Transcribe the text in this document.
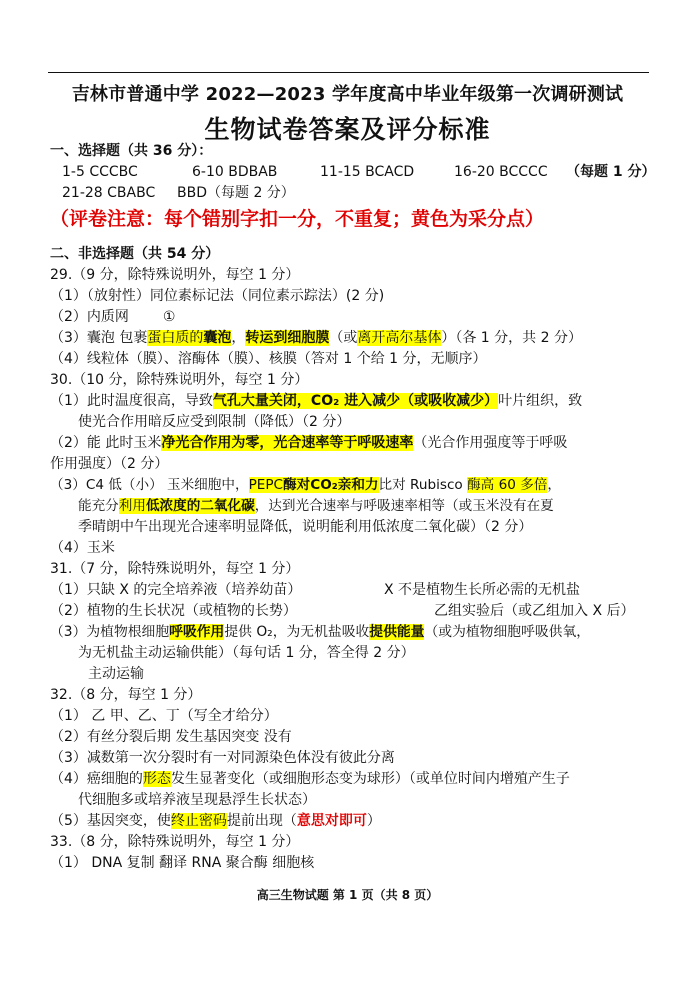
吉林市普通中学 2022—2023 学年度高中毕业年级第一次调研测试
生物试卷答案及评分标准
一、选择题（共 36 分）：
1-5 CCCBC	6-10 BDBAB	11-15 BCACD	16-20 BCCCC （每题 1 分）
21-28 CBABC BBD（每题 2 分）
（评卷注意：每个错别字扣一分，不重复；黄色为采分点）
二、非选择题（共 54 分）
29.（9 分，除特殊说明外，每空 1 分）
（1）（放射性）同位素标记法（同位素示踪法）(2 分)
（2）内质网 ①
（3）囊泡 包裹蛋白质的囊泡，转运到细胞膜（或离开高尔基体）（各 1 分，共 2 分）
（4）线粒体（膜）、溶酶体（膜）、核膜（答对 1 个给 1 分，无顺序）
30.（10 分，除特殊说明外，每空 1 分）
（1）此时温度很高，导致气孔大量关闭，CO₂ 进入减少（或吸收减少）叶片组织，致
使光合作用暗反应受到限制（降低）（2 分）
（2）能 此时玉米净光合作用为零，光合速率等于呼吸速率（光合作用强度等于呼吸
作用强度）（2 分）
（3）C4 低（小） 玉米细胞中，PEPC酶对CO₂亲和力比对 Rubisco 酶高 60 多倍，
能充分利用低浓度的二氧化碳，达到光合速率与呼吸速率相等（或玉米没有在夏
季晴朗中午出现光合速率明显降低，说明能利用低浓度二氧化碳）（2 分）
（4）玉米
31.（7 分，除特殊说明外，每空 1 分）
（1）只缺 X 的完全培养液（培养幼苗）	X 不是植物生长所必需的无机盐
（2）植物的生长状况（或植物的长势）	乙组实验后（或乙组加入 X 后）
（3）为植物根细胞呼吸作用提供 O₂，为无机盐吸收提供能量（或为植物细胞呼吸供氧，
为无机盐主动运输供能）（每句话 1 分，答全得 2 分）
主动运输
32.（8 分，每空 1 分）
（1） 乙 甲、乙、丁（写全才给分）
（2）有丝分裂后期 发生基因突变 没有
（3）减数第一次分裂时有一对同源染色体没有彼此分离
（4）癌细胞的形态发生显著变化（或细胞形态变为球形）（或单位时间内增殖产生子
代细胞多或培养液呈现悬浮生长状态）
（5）基因突变，使终止密码提前出现（意思对即可）
33.（8 分，除特殊说明外，每空 1 分）
（1） DNA 复制 翻译 RNA 聚合酶 细胞核
高三生物试题 第 1 页（共 8 页）
